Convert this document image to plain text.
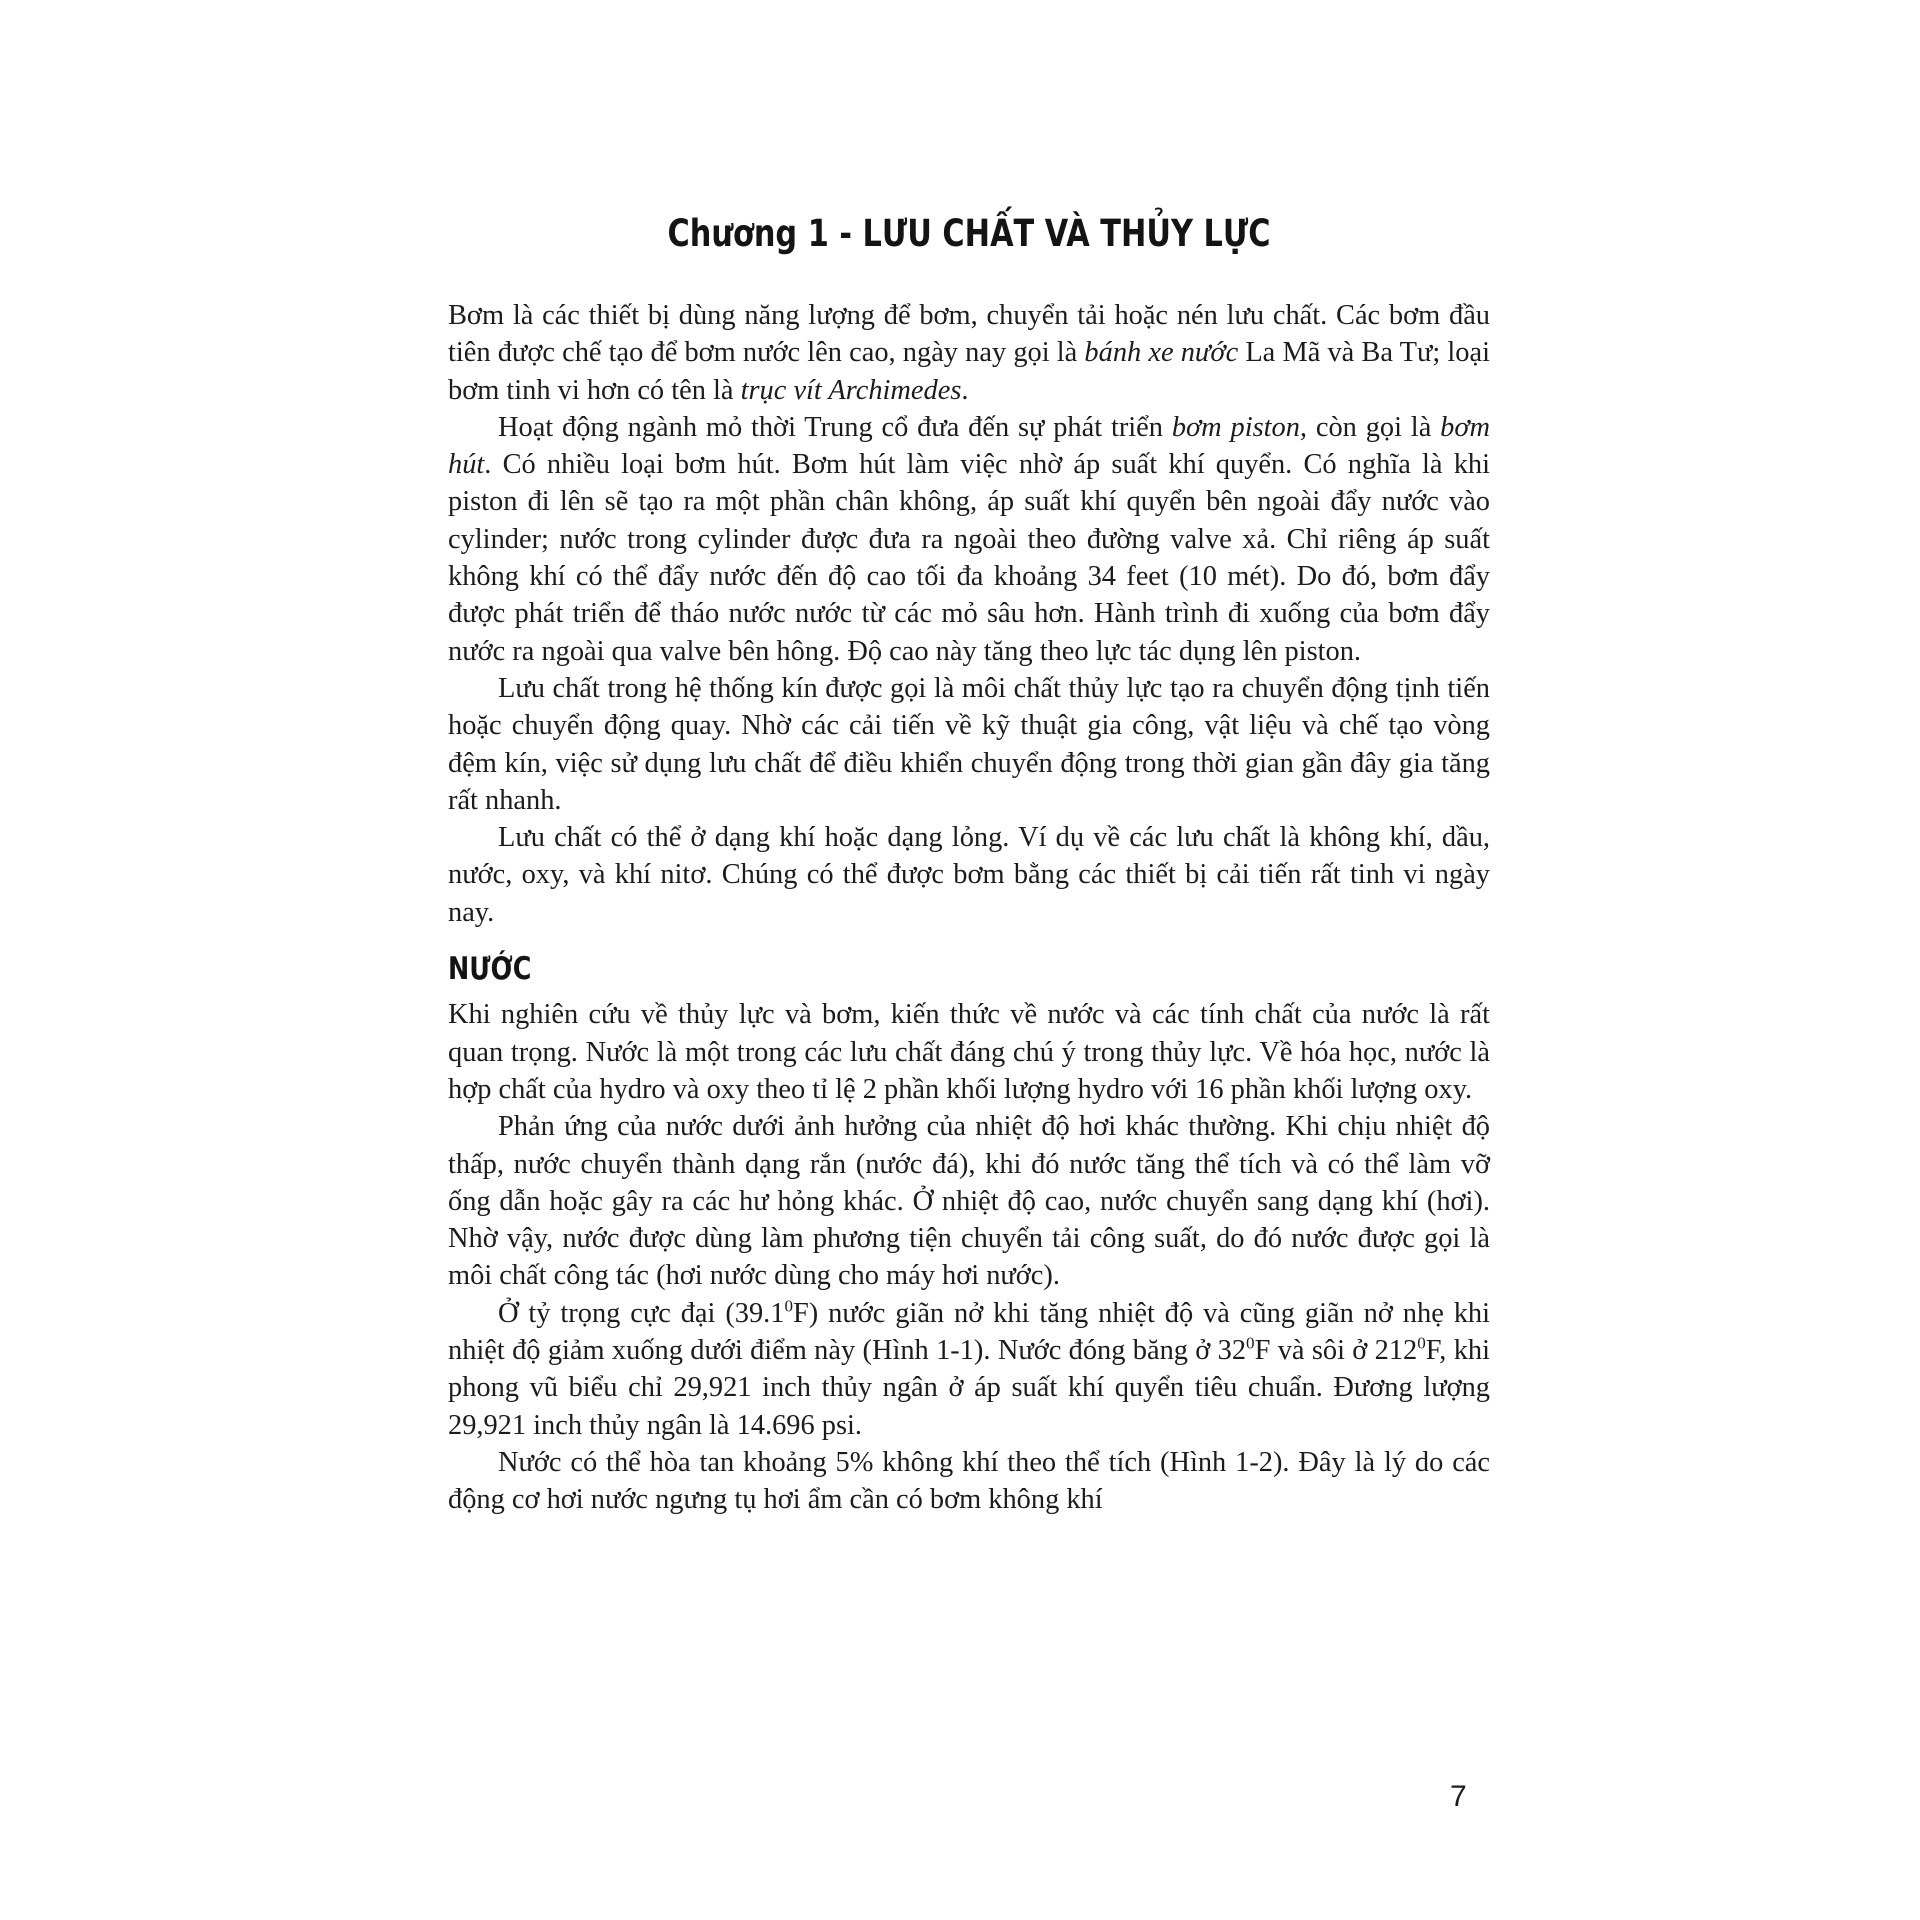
Chương 1 - LƯU CHẤT VÀ THỦY LỰC

Bơm là các thiết bị dùng năng lượng để bơm, chuyển tải hoặc nén lưu chất. Các bơm đầu tiên được chế tạo để bơm nước lên cao, ngày nay gọi là bánh xe nước La Mã và Ba Tư; loại bơm tinh vi hơn có tên là trục vít Archimedes.

Hoạt động ngành mỏ thời Trung cổ đưa đến sự phát triển bơm piston, còn gọi là bơm hút. Có nhiều loại bơm hút. Bơm hút làm việc nhờ áp suất khí quyển. Có nghĩa là khi piston đi lên sẽ tạo ra một phần chân không, áp suất khí quyển bên ngoài đẩy nước vào cylinder; nước trong cylinder được đưa ra ngoài theo đường valve xả. Chỉ riêng áp suất không khí có thể đẩy nước đến độ cao tối đa khoảng 34 feet (10 mét). Do đó, bơm đẩy được phát triển để tháo nước nước từ các mỏ sâu hơn. Hành trình đi xuống của bơm đẩy nước ra ngoài qua valve bên hông. Độ cao này tăng theo lực tác dụng lên piston.

Lưu chất trong hệ thống kín được gọi là môi chất thủy lực tạo ra chuyển động tịnh tiến hoặc chuyển động quay. Nhờ các cải tiến về kỹ thuật gia công, vật liệu và chế tạo vòng đệm kín, việc sử dụng lưu chất để điều khiển chuyển động trong thời gian gần đây gia tăng rất nhanh.

Lưu chất có thể ở dạng khí hoặc dạng lỏng. Ví dụ về các lưu chất là không khí, dầu, nước, oxy, và khí nitơ. Chúng có thể được bơm bằng các thiết bị cải tiến rất tinh vi ngày nay.

NƯỚC

Khi nghiên cứu về thủy lực và bơm, kiến thức về nước và các tính chất của nước là rất quan trọng. Nước là một trong các lưu chất đáng chú ý trong thủy lực. Về hóa học, nước là hợp chất của hydro và oxy theo tỉ lệ 2 phần khối lượng hydro với 16 phần khối lượng oxy.

Phản ứng của nước dưới ảnh hưởng của nhiệt độ hơi khác thường. Khi chịu nhiệt độ thấp, nước chuyển thành dạng rắn (nước đá), khi đó nước tăng thể tích và có thể làm vỡ ống dẫn hoặc gây ra các hư hỏng khác. Ở nhiệt độ cao, nước chuyển sang dạng khí (hơi). Nhờ vậy, nước được dùng làm phương tiện chuyển tải công suất, do đó nước được gọi là môi chất công tác (hơi nước dùng cho máy hơi nước).

Ở tỷ trọng cực đại (39.1$^0$F) nước giãn nở khi tăng nhiệt độ và cũng giãn nở nhẹ khi nhiệt độ giảm xuống dưới điểm này (Hình 1-1). Nước đóng băng ở $32^0F$ và sôi ở $212^0F$, khi phong vũ biểu chỉ 29,921 inch thủy ngân ở áp suất khí quyển tiêu chuẩn. Đương lượng 29,921 inch thủy ngân là 14.696 psi.

Nước có thể hòa tan khoảng 5% không khí theo thể tích (Hình 1-2). Đây là lý do các động cơ hơi nước ngưng tụ hơi ẩm cần có bơm không khí

7
